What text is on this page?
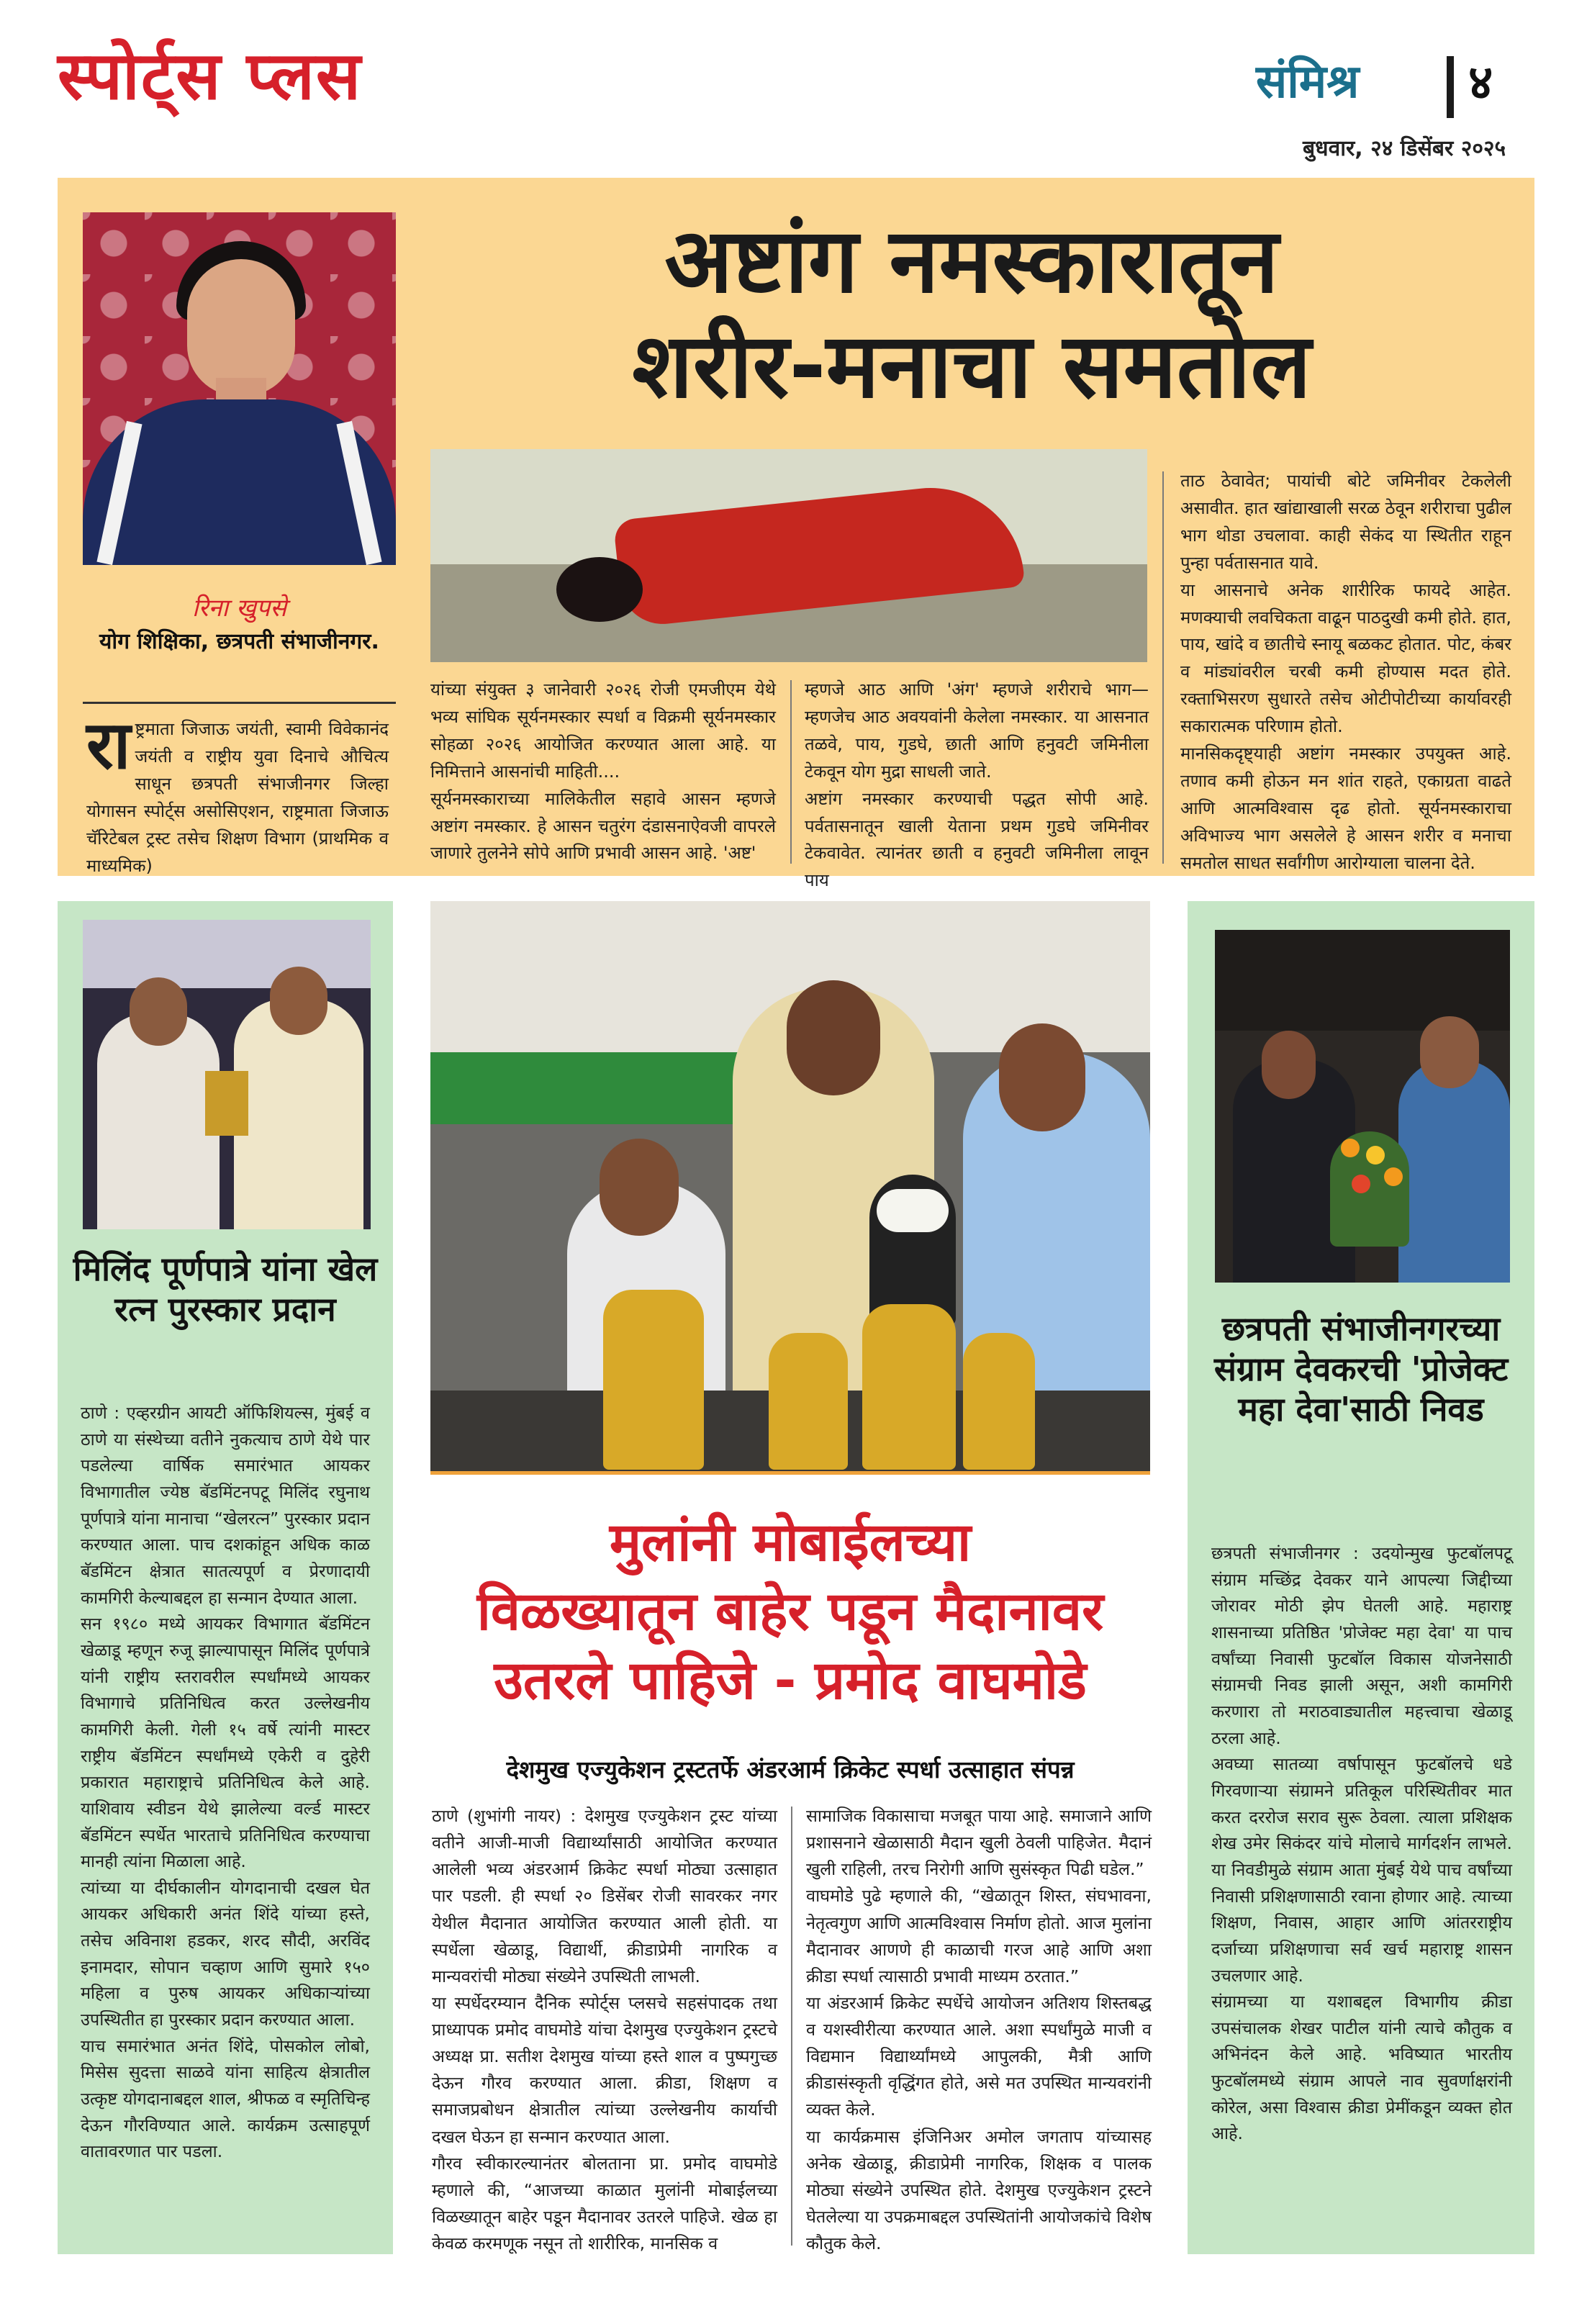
स्पोर्ट्स प्लस	संमिश्र ४
बुधवार, २४ डिसेंबर २०२५
रिना खुपसे
योग शिक्षिका, छत्रपती संभाजीनगर.
अष्टांग नमस्कारातून
शरीर-मनाचा समतोल
राष्ट्रमाता जिजाऊ जयंती, स्वामी विवेकानंद जयंती व राष्ट्रीय युवा दिनाचे औचित्य साधून छत्रपती संभाजीनगर जिल्हा योगासन स्पोर्ट्स असोसिएशन, राष्ट्रमाता जिजाऊ चॅरिटेबल ट्रस्ट तसेच शिक्षण विभाग (प्राथमिक व माध्यमिक)
यांच्या संयुक्त ३ जानेवारी २०२६ रोजी एमजीएम येथे भव्य सांघिक सूर्यनमस्कार स्पर्धा व विक्रमी सूर्यनमस्कार सोहळा २०२६ आयोजित करण्यात आला आहे. या निमित्ताने आसनांची माहिती....
सूर्यनमस्काराच्या मालिकेतील सहावे आसन म्हणजे अष्टांग नमस्कार. हे आसन चतुरंग दंडासनाऐवजी वापरले जाणारे तुलनेने सोपे आणि प्रभावी आसन आहे. 'अष्ट'
म्हणजे आठ आणि 'अंग' म्हणजे शरीराचे भाग—म्हणजेच आठ अवयवांनी केलेला नमस्कार. या आसनात तळवे, पाय, गुडघे, छाती आणि हनुवटी जमिनीला टेकवून योग मुद्रा साधली जाते.
अष्टांग नमस्कार करण्याची पद्धत सोपी आहे. पर्वतासनातून खाली येताना प्रथम गुडघे जमिनीवर टेकवावेत. त्यानंतर छाती व हनुवटी जमिनीला लावून पाय
ताठ ठेवावेत; पायांची बोटे जमिनीवर टेकलेली असावीत. हात खांद्याखाली सरळ ठेवून शरीराचा पुढील भाग थोडा उचलावा. काही सेकंद या स्थितीत राहून पुन्हा पर्वतासनात यावे.
या आसनाचे अनेक शारीरिक फायदे आहेत. मणक्याची लवचिकता वाढून पाठदुखी कमी होते. हात, पाय, खांदे व छातीचे स्नायू बळकट होतात. पोट, कंबर व मांड्यांवरील चरबी कमी होण्यास मदत होते. रक्ताभिसरण सुधारते तसेच ओटीपोटीच्या कार्यावरही सकारात्मक परिणाम होतो.
मानसिकदृष्ट्याही अष्टांग नमस्कार उपयुक्त आहे. तणाव कमी होऊन मन शांत राहते, एकाग्रता वाढते आणि आत्मविश्वास दृढ होतो. सूर्यनमस्काराचा अविभाज्य भाग असलेले हे आसन शरीर व मनाचा समतोल साधत सर्वांगीण आरोग्याला चालना देते.
मिलिंद पूर्णपात्रे यांना खेल रत्न पुरस्कार प्रदान
ठाणे : एव्हरग्रीन आयटी ऑफिशियल्स, मुंबई व ठाणे या संस्थेच्या वतीने नुकत्याच ठाणे येथे पार पडलेल्या वार्षिक समारंभात आयकर विभागातील ज्येष्ठ बॅडमिंटनपटू मिलिंद रघुनाथ पूर्णपात्रे यांना मानाचा “खेलरत्न” पुरस्कार प्रदान करण्यात आला. पाच दशकांहून अधिक काळ बॅडमिंटन क्षेत्रात सातत्यपूर्ण व प्रेरणादायी कामगिरी केल्याबद्दल हा सन्मान देण्यात आला.
सन १९८० मध्ये आयकर विभागात बॅडमिंटन खेळाडू म्हणून रुजू झाल्यापासून मिलिंद पूर्णपात्रे यांनी राष्ट्रीय स्तरावरील स्पर्धांमध्ये आयकर विभागाचे प्रतिनिधित्व करत उल्लेखनीय कामगिरी केली. गेली १५ वर्षे त्यांनी मास्टर राष्ट्रीय बॅडमिंटन स्पर्धांमध्ये एकेरी व दुहेरी प्रकारात महाराष्ट्राचे प्रतिनिधित्व केले आहे. याशिवाय स्वीडन येथे झालेल्या वर्ल्ड मास्टर बॅडमिंटन स्पर्धेत भारताचे प्रतिनिधित्व करण्याचा मानही त्यांना मिळाला आहे.
त्यांच्या या दीर्घकालीन योगदानाची दखल घेत आयकर अधिकारी अनंत शिंदे यांच्या हस्ते, तसेच अविनाश हडकर, शरद सौदी, अरविंद इनामदार, सोपान चव्हाण आणि सुमारे १५० महिला व पुरुष आयकर अधिकाऱ्यांच्या उपस्थितीत हा पुरस्कार प्रदान करण्यात आला.
याच समारंभात अनंत शिंदे, पोसकोल लोबो, मिसेस सुदत्ता साळवे यांना साहित्य क्षेत्रातील उत्कृष्ट योगदानाबद्दल शाल, श्रीफळ व स्मृतिचिन्ह देऊन गौरविण्यात आले. कार्यक्रम उत्साहपूर्ण वातावरणात पार पडला.
मुलांनी मोबाईलच्या
विळख्यातून बाहेर पडून मैदानावर
उतरले पाहिजे - प्रमोद वाघमोडे
देशमुख एज्युकेशन ट्रस्टतर्फे अंडरआर्म क्रिकेट स्पर्धा उत्साहात संपन्न
ठाणे (शुभांगी नायर) : देशमुख एज्युकेशन ट्रस्ट यांच्या वतीने आजी-माजी विद्यार्थ्यांसाठी आयोजित करण्यात आलेली भव्य अंडरआर्म क्रिकेट स्पर्धा मोठ्या उत्साहात पार पडली. ही स्पर्धा २० डिसेंबर रोजी सावरकर नगर येथील मैदानात आयोजित करण्यात आली होती. या स्पर्धेला खेळाडू, विद्यार्थी, क्रीडाप्रेमी नागरिक व मान्यवरांची मोठ्या संख्येने उपस्थिती लाभली.
या स्पर्धेदरम्यान दैनिक स्पोर्ट्स प्लसचे सहसंपादक तथा प्राध्यापक प्रमोद वाघमोडे यांचा देशमुख एज्युकेशन ट्रस्टचे अध्यक्ष प्रा. सतीश देशमुख यांच्या हस्ते शाल व पुष्पगुच्छ देऊन गौरव करण्यात आला. क्रीडा, शिक्षण व समाजप्रबोधन क्षेत्रातील त्यांच्या उल्लेखनीय कार्याची दखल घेऊन हा सन्मान करण्यात आला.
गौरव स्वीकारल्यानंतर बोलताना प्रा. प्रमोद वाघमोडे म्हणाले की, “आजच्या काळात मुलांनी मोबाईलच्या विळख्यातून बाहेर पडून मैदानावर उतरले पाहिजे. खेळ हा केवळ करमणूक नसून तो शारीरिक, मानसिक व
सामाजिक विकासाचा मजबूत पाया आहे. समाजाने आणि प्रशासनाने खेळासाठी मैदान खुली ठेवली पाहिजेत. मैदानं खुली राहिली, तरच निरोगी आणि सुसंस्कृत पिढी घडेल.”
वाघमोडे पुढे म्हणाले की, “खेळातून शिस्त, संघभावना, नेतृत्वगुण आणि आत्मविश्वास निर्माण होतो. आज मुलांना मैदानावर आणणे ही काळाची गरज आहे आणि अशा क्रीडा स्पर्धा त्यासाठी प्रभावी माध्यम ठरतात.”
या अंडरआर्म क्रिकेट स्पर्धेचे आयोजन अतिशय शिस्तबद्ध व यशस्वीरीत्या करण्यात आले. अशा स्पर्धांमुळे माजी व विद्यमान विद्यार्थ्यांमध्ये आपुलकी, मैत्री आणि क्रीडासंस्कृती वृद्धिंगत होते, असे मत उपस्थित मान्यवरांनी व्यक्त केले.
या कार्यक्रमास इंजिनिअर अमोल जगताप यांच्यासह अनेक खेळाडू, क्रीडाप्रेमी नागरिक, शिक्षक व पालक मोठ्या संख्येने उपस्थित होते. देशमुख एज्युकेशन ट्रस्टने घेतलेल्या या उपक्रमाबद्दल उपस्थितांनी आयोजकांचे विशेष कौतुक केले.
छत्रपती संभाजीनगरच्या संग्राम देवकरची 'प्रोजेक्ट महा देवा'साठी निवड
छत्रपती संभाजीनगर : उदयोन्मुख फुटबॉलपटू संग्राम मच्छिंद्र देवकर याने आपल्या जिद्दीच्या जोरावर मोठी झेप घेतली आहे. महाराष्ट्र शासनाच्या प्रतिष्ठित 'प्रोजेक्ट महा देवा' या पाच वर्षांच्या निवासी फुटबॉल विकास योजनेसाठी संग्रामची निवड झाली असून, अशी कामगिरी करणारा तो मराठवाड्यातील महत्त्वाचा खेळाडू ठरला आहे.
अवघ्या सातव्या वर्षापासून फुटबॉलचे धडे गिरवणाऱ्या संग्रामने प्रतिकूल परिस्थितीवर मात करत दररोज सराव सुरू ठेवला. त्याला प्रशिक्षक शेख उमेर सिकंदर यांचे मोलाचे मार्गदर्शन लाभले. या निवडीमुळे संग्राम आता मुंबई येथे पाच वर्षांच्या निवासी प्रशिक्षणासाठी रवाना होणार आहे. त्याच्या शिक्षण, निवास, आहार आणि आंतरराष्ट्रीय दर्जाच्या प्रशिक्षणाचा सर्व खर्च महाराष्ट्र शासन उचलणार आहे.
संग्रामच्या या यशाबद्दल विभागीय क्रीडा उपसंचालक शेखर पाटील यांनी त्याचे कौतुक व अभिनंदन केले आहे. भविष्यात भारतीय फुटबॉलमध्ये संग्राम आपले नाव सुवर्णाक्षरांनी कोरेल, असा विश्वास क्रीडा प्रेमींकडून व्यक्त होत आहे.
